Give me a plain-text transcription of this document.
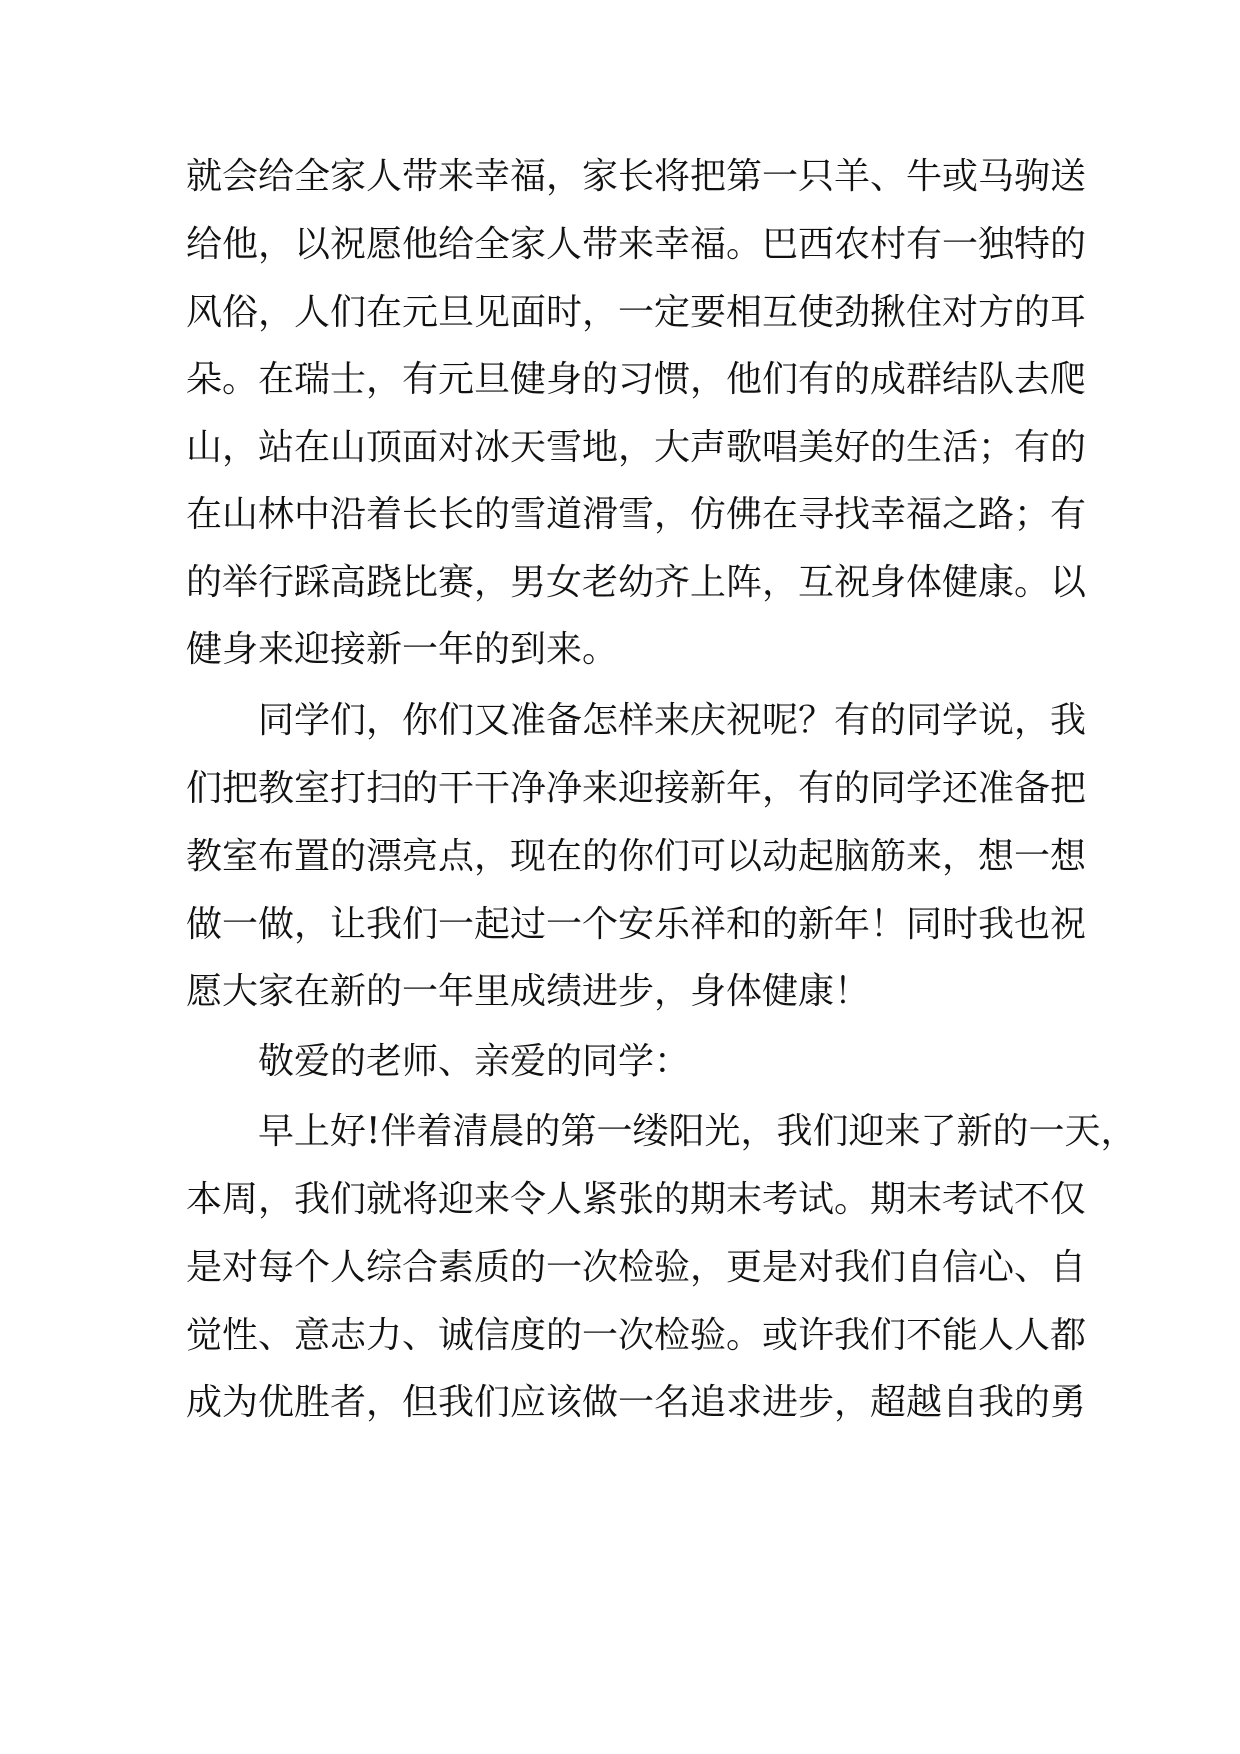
就会给全家人带来幸福，家长将把第一只羊、牛或马驹送
给他，以祝愿他给全家人带来幸福。巴西农村有一独特的
风俗，人们在元旦见面时，一定要相互使劲揪住对方的耳
朵。在瑞士，有元旦健身的习惯，他们有的成群结队去爬
山，站在山顶面对冰天雪地，大声歌唱美好的生活；有的
在山林中沿着长长的雪道滑雪，仿佛在寻找幸福之路；有
的举行踩高跷比赛，男女老幼齐上阵，互祝身体健康。以
健身来迎接新一年的到来。
同学们，你们又准备怎样来庆祝呢？有的同学说，我
们把教室打扫的干干净净来迎接新年，有的同学还准备把
教室布置的漂亮点，现在的你们可以动起脑筋来，想一想
做一做，让我们一起过一个安乐祥和的新年！同时我也祝
愿大家在新的一年里成绩进步，身体健康！
敬爱的老师、亲爱的同学：
早上好!伴着清晨的第一缕阳光，我们迎来了新的一天，
本周，我们就将迎来令人紧张的期末考试。期末考试不仅
是对每个人综合素质的一次检验，更是对我们自信心、自
觉性、意志力、诚信度的一次检验。或许我们不能人人都
成为优胜者，但我们应该做一名追求进步，超越自我的勇
